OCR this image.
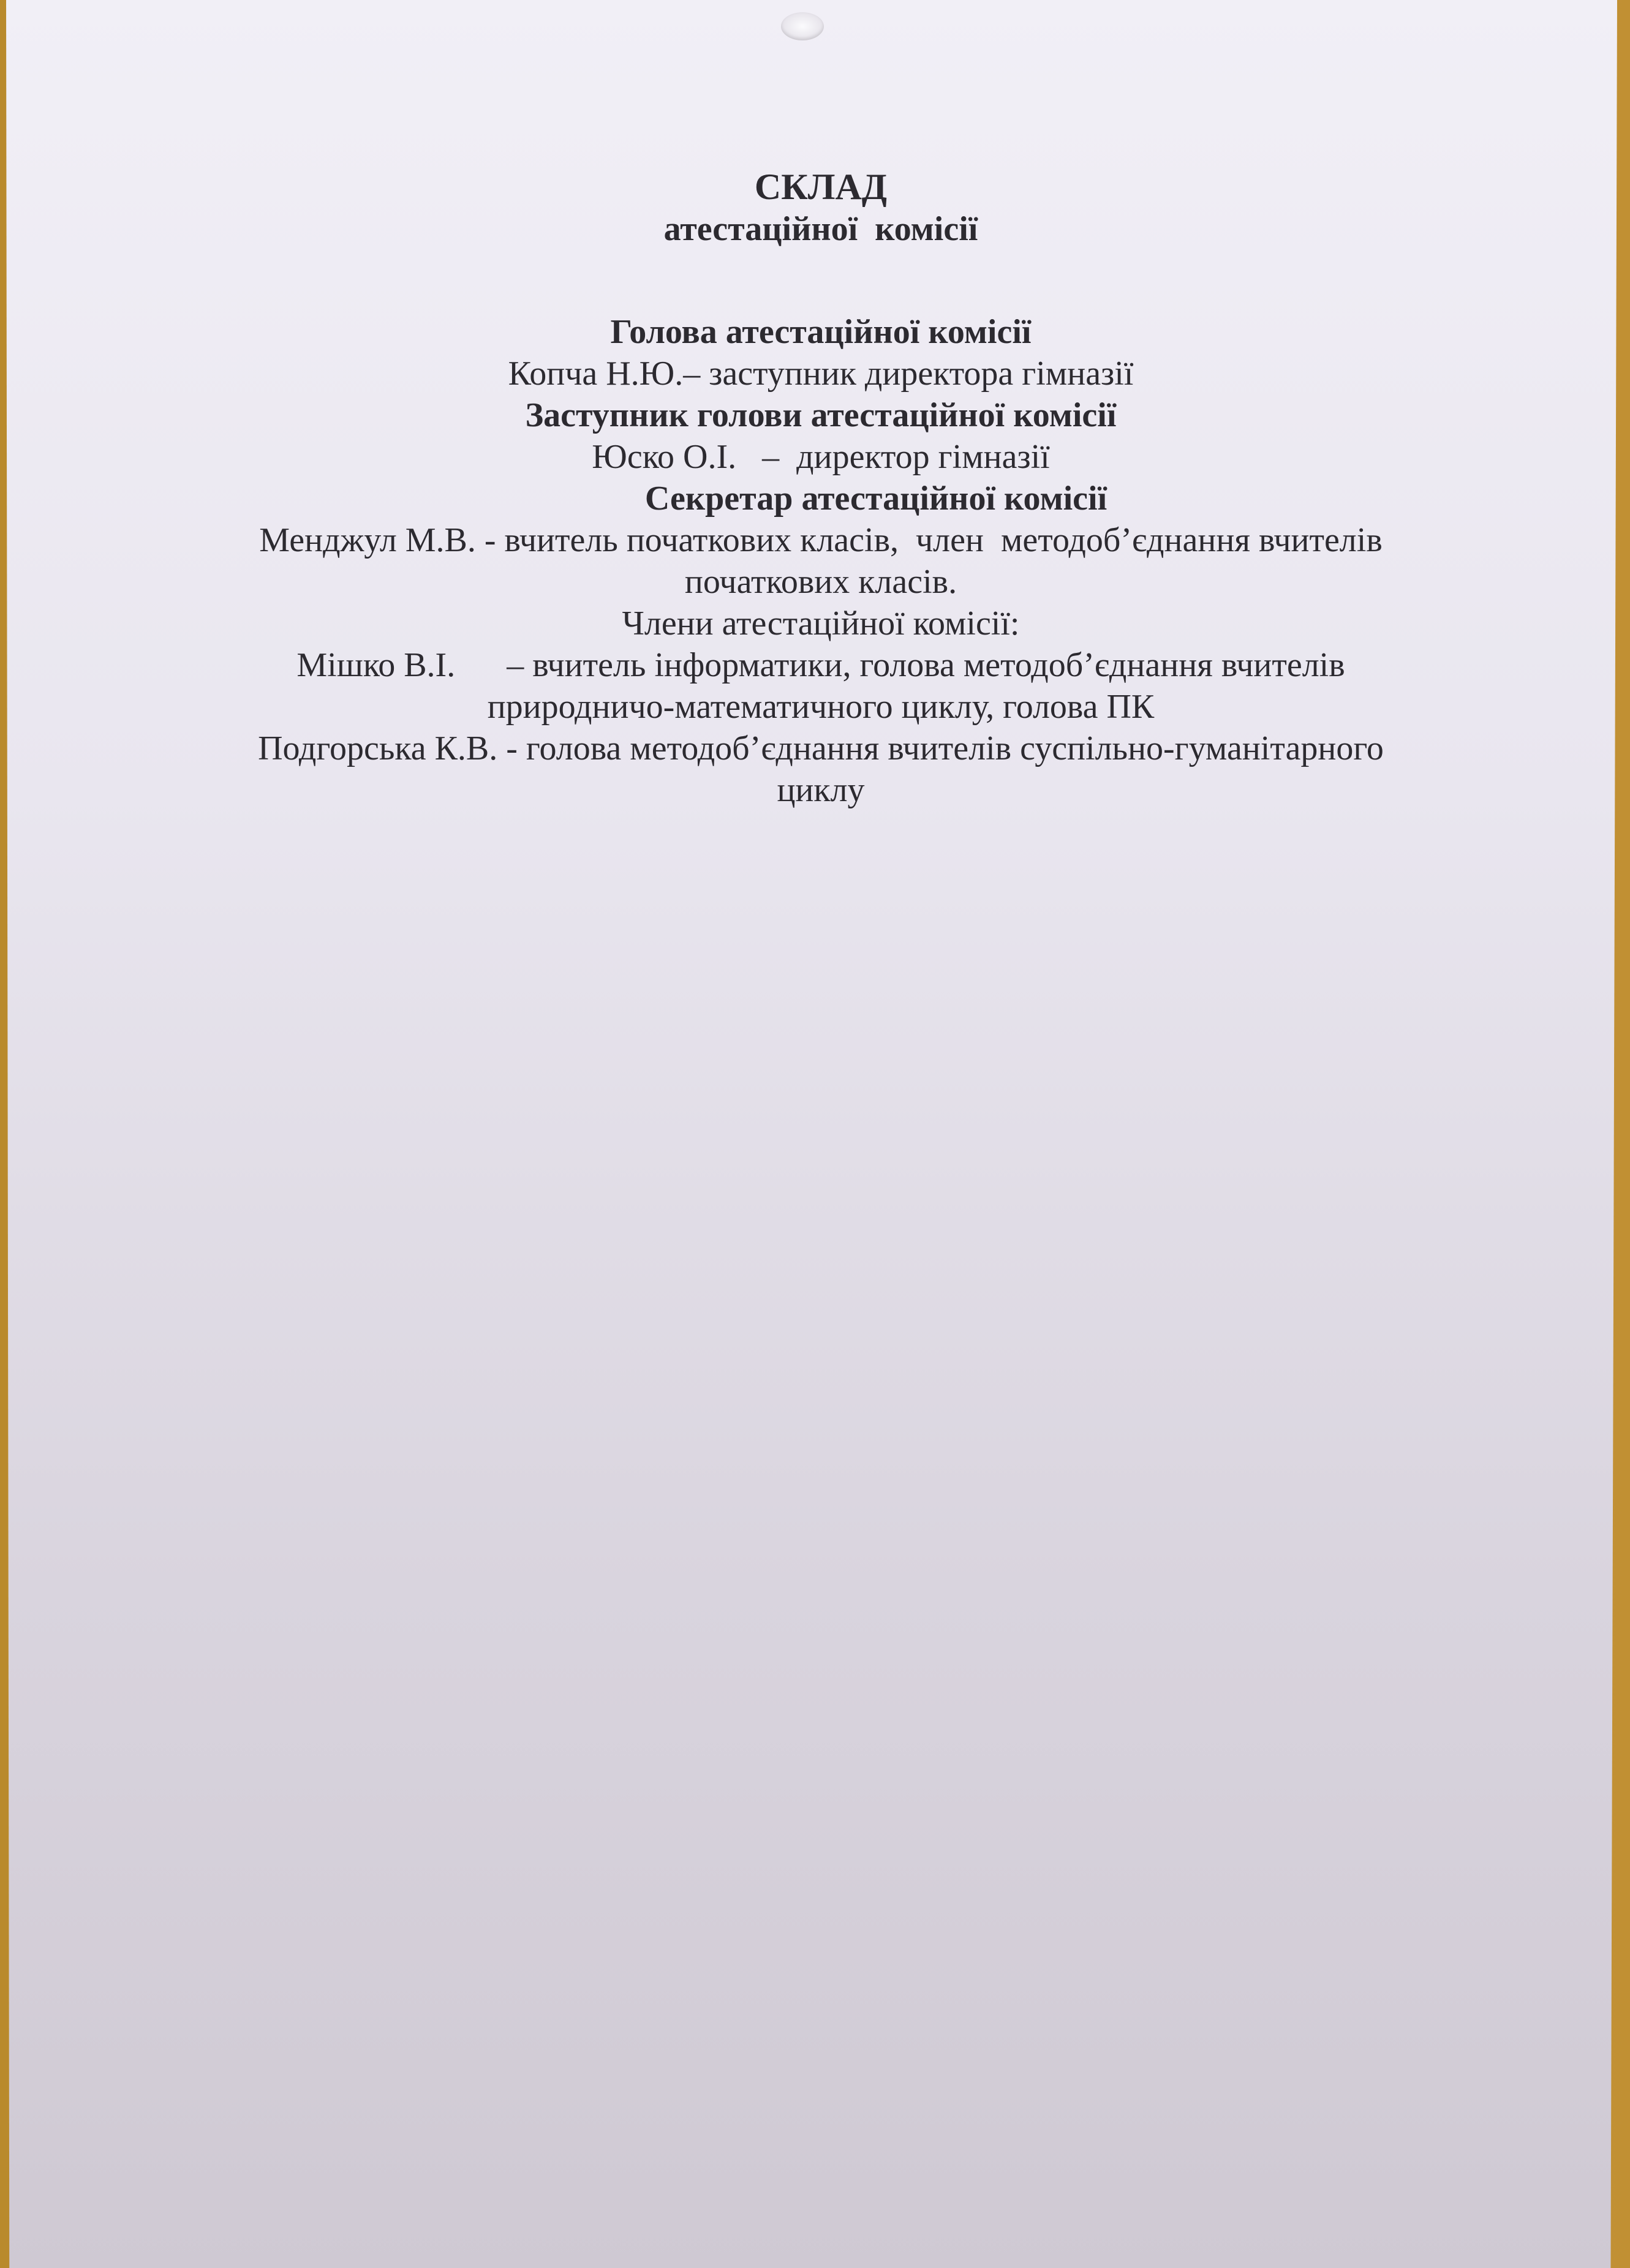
СКЛАД
атестаційної  комісії
Голова атестаційної комісії
Копча Н.Ю.– заступник директора гімназії
Заступник голови атестаційної комісії
Юско О.І.   –  директор гімназії
Секретар атестаційної комісії
Менджул М.В. - вчитель початкових класів,  член  методоб’єднання вчителів
початкових класів.
Члени атестаційної комісії:
Мішко В.І.      – вчитель інформатики, голова методоб’єднання вчителів
природничо-математичного циклу, голова ПК
Подгорська К.В. - голова методоб’єднання вчителів суспільно-гуманітарного
циклу
